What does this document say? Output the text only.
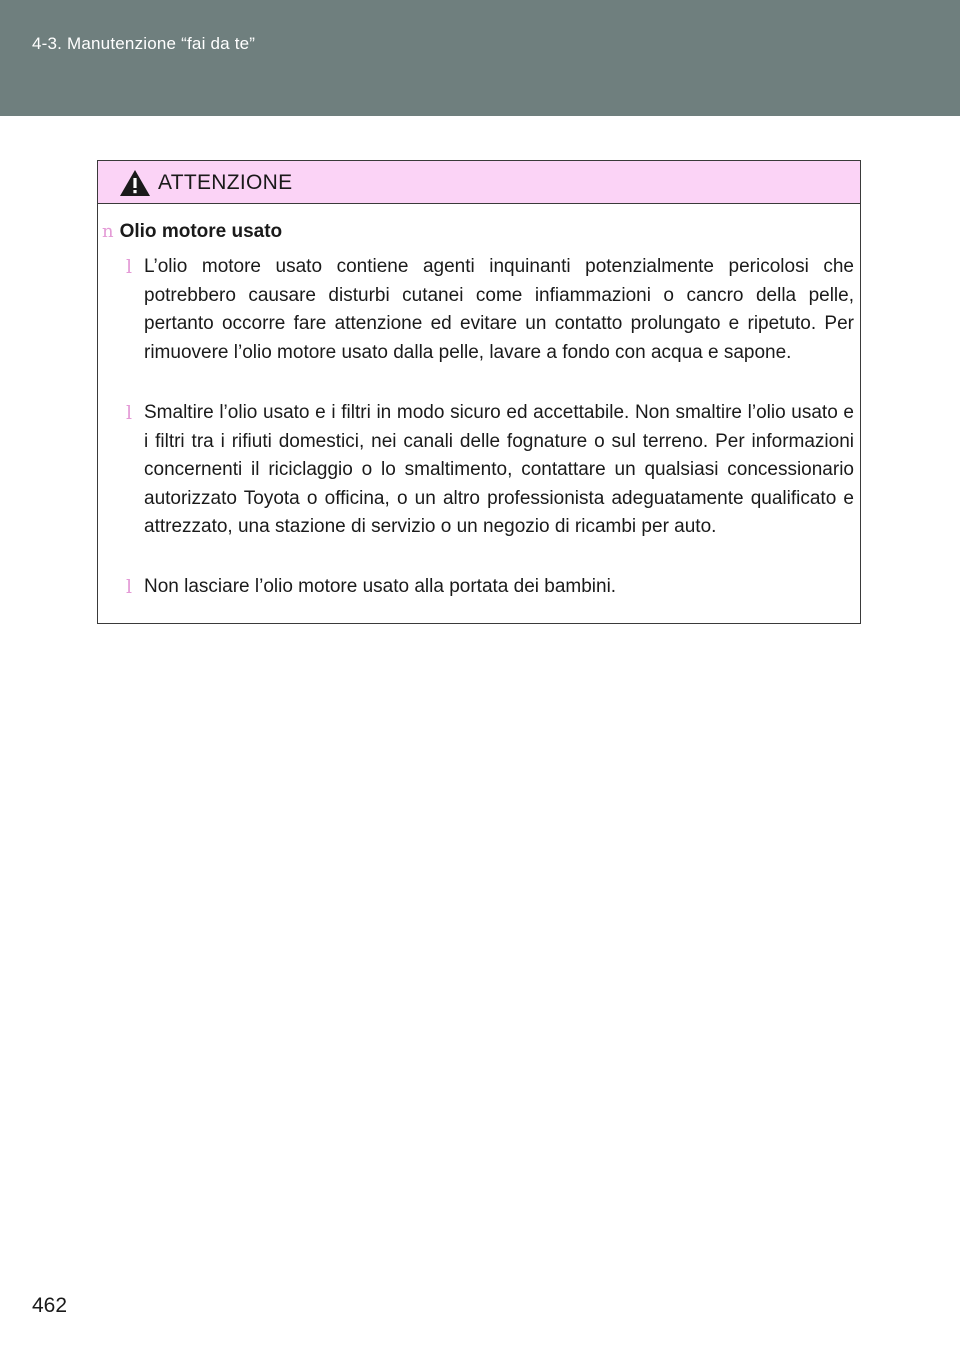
4-3. Manutenzione “fai da te”
ATTENZIONE
n Olio motore usato
l L’olio motore usato contiene agenti inquinanti potenzialmente pericolosi che potrebbero causare disturbi cutanei come infiammazioni o cancro della pelle, pertanto occorre fare attenzione ed evitare un contatto prolungato e ripetuto. Per rimuovere l’olio motore usato dalla pelle, lavare a fondo con acqua e sapone.
l Smaltire l’olio usato e i filtri in modo sicuro ed accettabile. Non smaltire l’olio usato e i filtri tra i rifiuti domestici, nei canali delle fognature o sul terreno. Per informazioni concernenti il riciclaggio o lo smaltimento, contattare un qualsiasi concessionario autorizzato Toyota o officina, o un altro professionista adeguatamente qualificato e attrezzato, una stazione di servizio o un negozio di ricambi per auto.
l Non lasciare l’olio motore usato alla portata dei bambini.
462
